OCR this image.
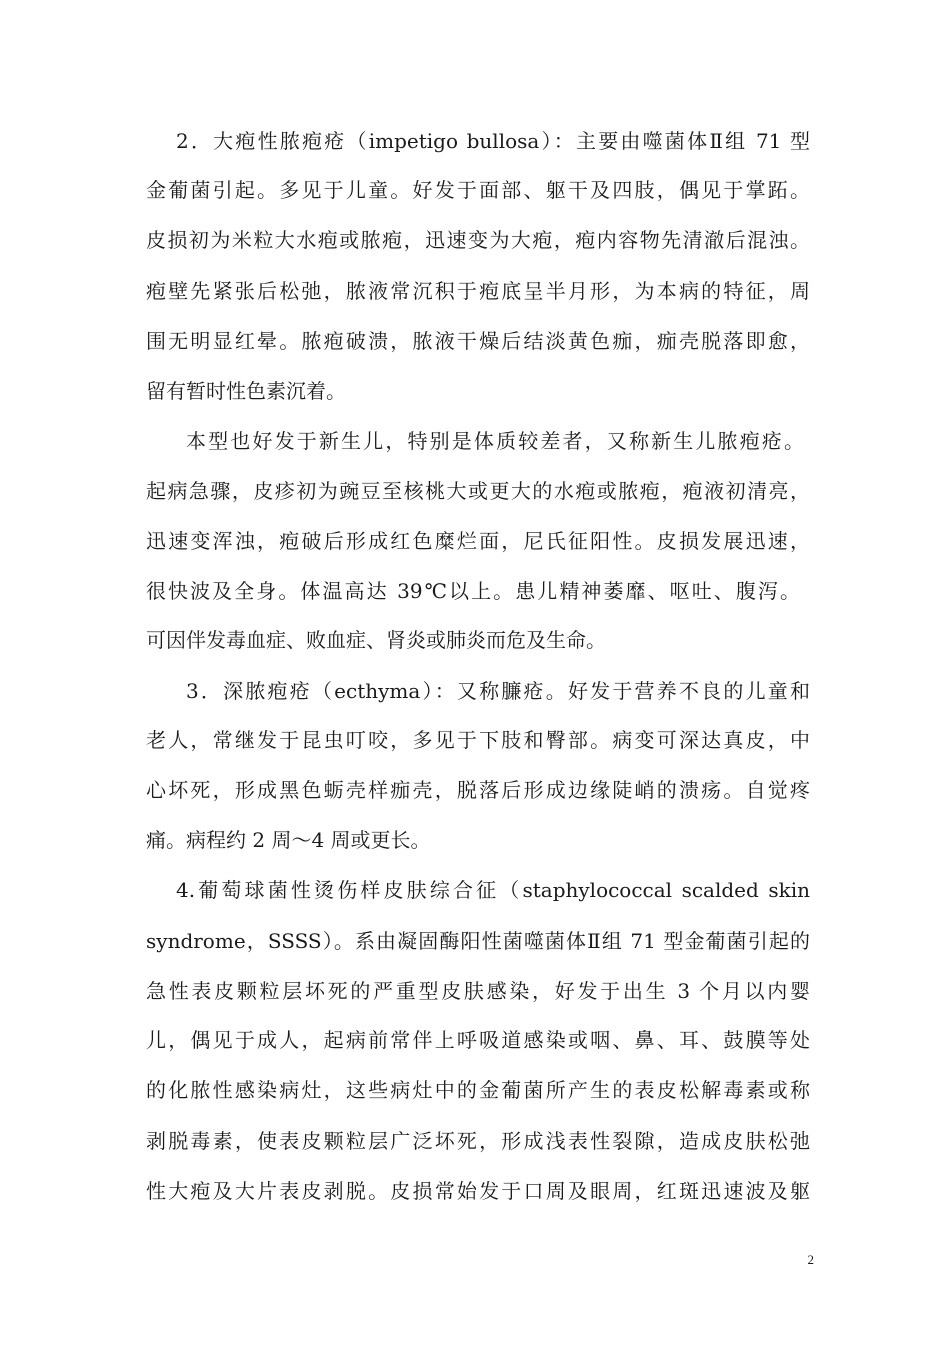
2．大疱性脓疱疮（impetigo bullosa）：主要由噬菌体Ⅱ组 71 型
金葡菌引起。多见于儿童。好发于面部、躯干及四肢，偶见于掌跖。
皮损初为米粒大水疱或脓疱，迅速变为大疱，疱内容物先清澈后混浊。
疱壁先紧张后松弛，脓液常沉积于疱底呈半月形，为本病的特征，周
围无明显红晕。脓疱破溃，脓液干燥后结淡黄色痂，痂壳脱落即愈，
留有暂时性色素沉着。
本型也好发于新生儿，特别是体质较差者，又称新生儿脓疱疮。
起病急骤，皮疹初为豌豆至核桃大或更大的水疱或脓疱，疱液初清亮，
迅速变浑浊，疱破后形成红色糜烂面，尼氏征阳性。皮损发展迅速，
很快波及全身。体温高达 39℃以上。患儿精神萎靡、呕吐、腹泻。
可因伴发毒血症、败血症、肾炎或肺炎而危及生命。
3．深脓疱疮（ecthyma）：又称臁疮。好发于营养不良的儿童和
老人，常继发于昆虫叮咬，多见于下肢和臀部。病变可深达真皮，中
心坏死，形成黑色蛎壳样痂壳，脱落后形成边缘陡峭的溃疡。自觉疼
痛。病程约 2 周～4 周或更长。
4.葡萄球菌性烫伤样皮肤综合征（staphylococcal scalded skin
syndrome，SSSS）。系由凝固酶阳性菌噬菌体Ⅱ组 71 型金葡菌引起的
急性表皮颗粒层坏死的严重型皮肤感染，好发于出生 3 个月以内婴
儿，偶见于成人，起病前常伴上呼吸道感染或咽、鼻、耳、鼓膜等处
的化脓性感染病灶，这些病灶中的金葡菌所产生的表皮松解毒素或称
剥脱毒素，使表皮颗粒层广泛坏死，形成浅表性裂隙，造成皮肤松弛
性大疱及大片表皮剥脱。皮损常始发于口周及眼周，红斑迅速波及躯
2
